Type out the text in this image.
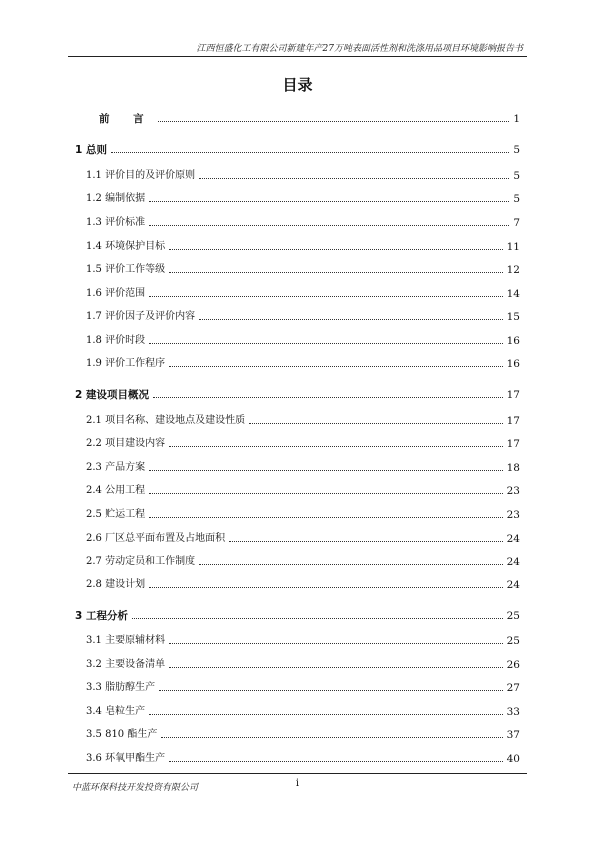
江西恒盛化工有限公司新建年产27万吨表面活性剂和洗涤用品项目环境影响报告书
目录
前 言	1
1 总则	5
1.1 评价目的及评价原则	5
1.2 编制依据	5
1.3 评价标准	7
1.4 环境保护目标	11
1.5 评价工作等级	12
1.6 评价范围	14
1.7 评价因子及评价内容	15
1.8 评价时段	16
1.9 评价工作程序	16
2 建设项目概况	17
2.1 项目名称、建设地点及建设性质	17
2.2 项目建设内容	17
2.3 产品方案	18
2.4 公用工程	23
2.5 贮运工程	23
2.6 厂区总平面布置及占地面积	24
2.7 劳动定员和工作制度	24
2.8 建设计划	24
3 工程分析	25
3.1 主要原辅材料	25
3.2 主要设备清单	26
3.3 脂肪醇生产	27
3.4 皂粒生产	33
3.5 810 酯生产	37
3.6 环氧甲酯生产	40
中蓝环保科技开发投资有限公司	i
